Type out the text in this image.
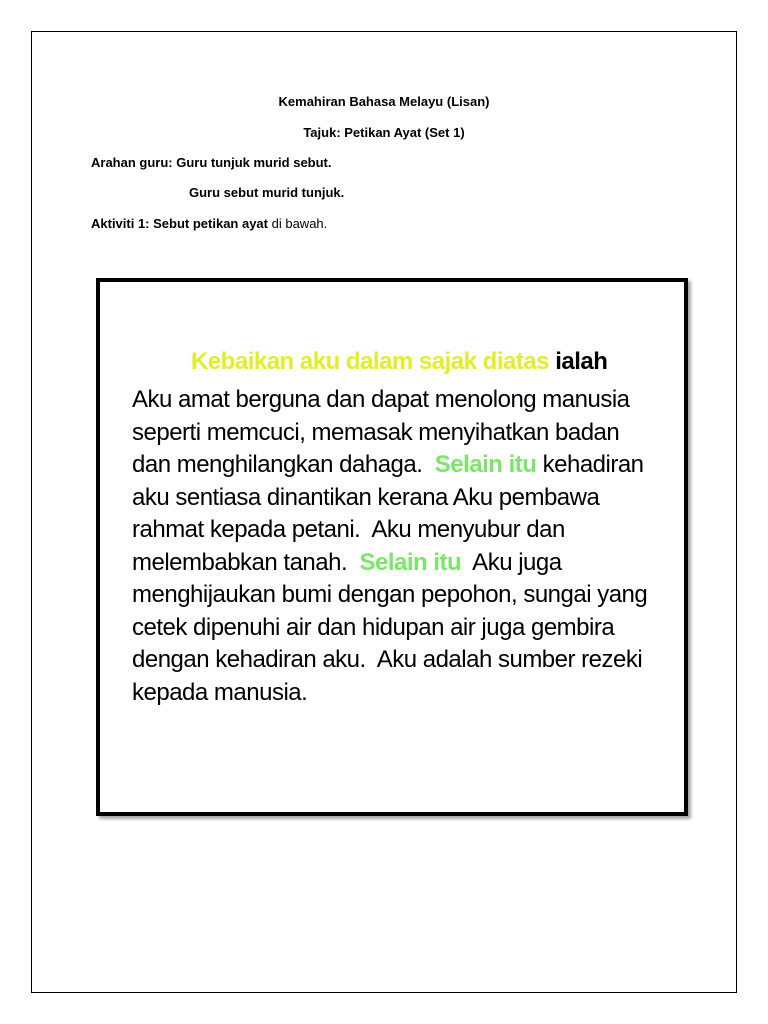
Kemahiran Bahasa Melayu (Lisan)
Tajuk: Petikan Ayat (Set 1)
Arahan guru: Guru tunjuk murid sebut.
Guru sebut murid tunjuk.
Aktiviti 1: Sebut petikan ayat di bawah.
Kebaikan aku dalam sajak diatas ialah
Aku amat berguna dan dapat menolong manusia
seperti memcuci, memasak menyihatkan badan
dan menghilangkan dahaga.  Selain itu kehadiran
aku sentiasa dinantikan kerana Aku pembawa
rahmat kepada petani.  Aku menyubur dan
melembabkan tanah.  Selain itu  Aku juga
menghijaukan bumi dengan pepohon, sungai yang
cetek dipenuhi air dan hidupan air juga gembira
dengan kehadiran aku.  Aku adalah sumber rezeki
kepada manusia.
